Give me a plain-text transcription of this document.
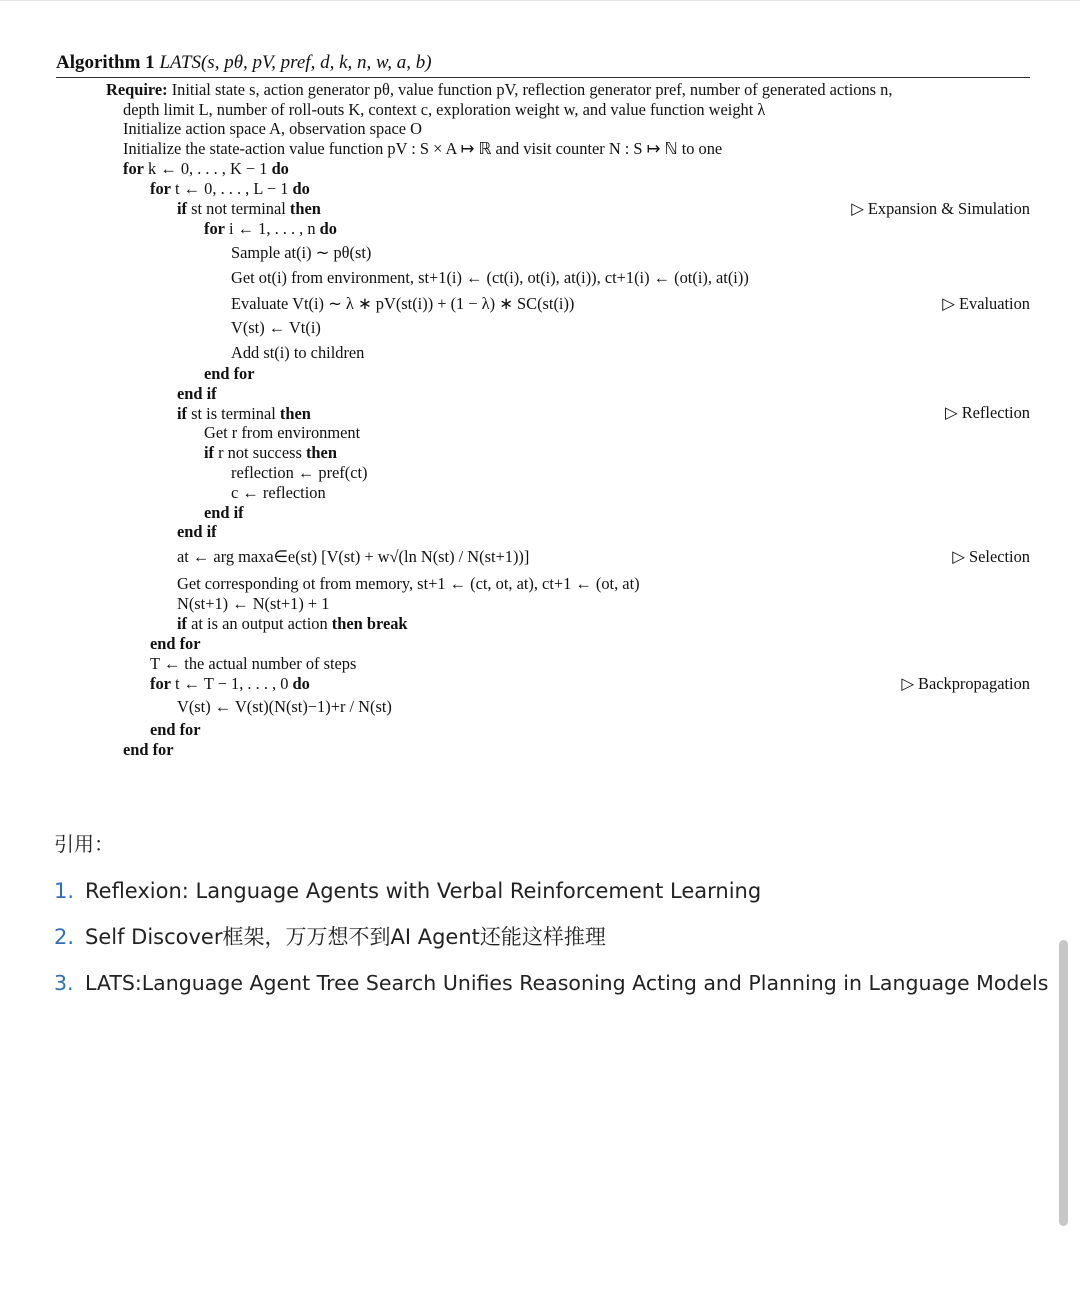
Algorithm 1 LATS(s, pθ, pV, pref, d, k, n, w, a, b)
Require: Initial state s, action generator pθ, value function pV, reflection generator pref, number of generated actions n,
depth limit L, number of roll-outs K, context c, exploration weight w, and value function weight λ
Initialize action space A, observation space O
Initialize the state-action value function pV : S × A ↦ ℝ and visit counter N : S ↦ ℕ to one
for k ← 0, . . . , K − 1 do
for t ← 0, . . . , L − 1 do
if st not terminal then
for i ← 1, . . . , n do
Sample at(i) ∼ pθ(st)
Get ot(i) from environment, st+1(i) ← (ct(i), ot(i), at(i)), ct+1(i) ← (ot(i), at(i))
Evaluate Vt(i) ∼ λ ∗ pV(st(i)) + (1 − λ) ∗ SC(st(i))
V(st) ← Vt(i)
Add st(i) to children
end for
end if
if st is terminal then
Get r from environment
if r not success then
reflection ← pref(ct)
c ← reflection
end if
end if
at ← arg maxa∈e(st) [V(st) + w√(ln N(st) / N(st+1))]
Get corresponding ot from memory, st+1 ← (ct, ot, at), ct+1 ← (ot, at)
N(st+1) ← N(st+1) + 1
if at is an output action then break
end for
T ← the actual number of steps
for t ← T − 1, . . . , 0 do
V(st) ← V(st)(N(st)−1)+r / N(st)
end for
end for
▷ Expansion & Simulation
▷ Evaluation
▷ Reflection
▷ Selection
▷ Backpropagation
引用：
1. Reflexion: Language Agents with Verbal Reinforcement Learning
2. Self Discover框架，万万想不到AI Agent还能这样推理
3. LATS:Language Agent Tree Search Unifies Reasoning Acting and Planning in Language Models
